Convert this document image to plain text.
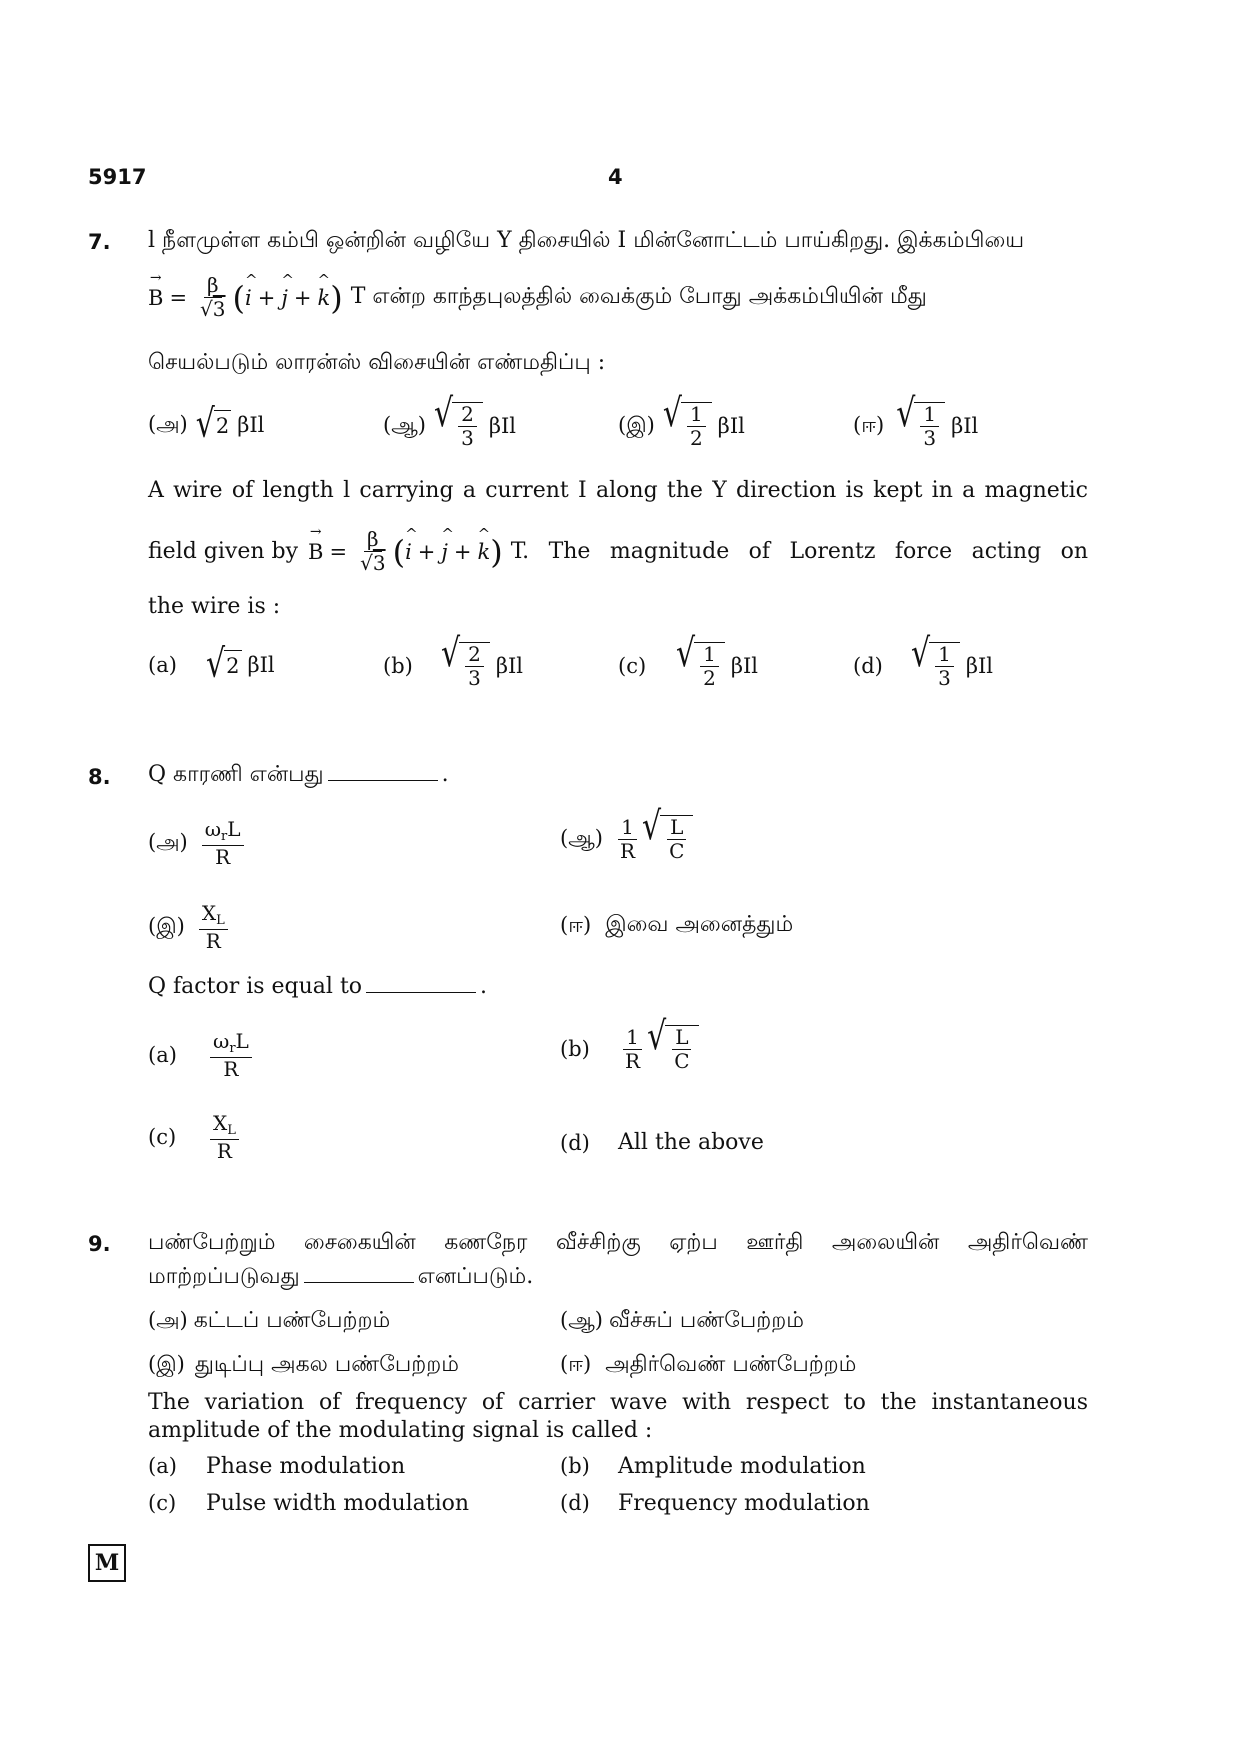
5917	4
7. l நீளமுள்ள கம்பி ஒன்றின் வழியே Y திசையில் I மின்னோட்டம் பாய்கிறது. இக்கம்பியை
→ $B = \frac{\beta}{√3}$ ( ^ i + ^ j + ^ k ) T என்ற காந்தபுலத்தில் வைக்கும் போது அக்கம்பியின் மீது
செயல்படும் லாரன்ஸ் விசையின் எண்மதிப்பு :
(அ) √ 2 βIl	(ஆ) √ $\frac{2}{3}$ βIl	(இ) √ $\frac{1}{2}$ βIl	(ஈ) √ $\frac{1}{3}$ βIl
A wire of length l carrying a current I along the Y direction is kept in a magnetic
field given by → $B = \frac{\beta}{√3}$ ( ^ i + ^ j + ^ k ) T. The magnitude of Lorentz force acting on
the wire is :
(a) √ 2 βIl	(b) √ $\frac{2}{3}$ βIl	(c) √ $\frac{1}{2}$ βIl	(d) √ $\frac{1}{3}$ βIl
8. Q காரணி என்பது	.
(அ) $\frac{\omega_rL}{R}$	(ஆ) $\frac{1}{R}$ √ $\frac{L}{C}$
(இ) $\frac{X_L}{R}$	(ஈ) இவை அனைத்தும்
Q factor is equal to	.
(a)	$\frac{\omega_rL}{R}$	(b)	$\frac{1}{R}$ √ $\frac{L}{C}$
(c)	$\frac{X_L}{R}$	(d)	All the above
9. பண்பேற்றும் சைகையின் கணநேர வீச்சிற்கு ஏற்ப ஊர்தி அலையின் அதிர்வெண்
மாற்றப்படுவது	எனப்படும்.
(அ) கட்டப் பண்பேற்றம்	(ஆ) வீச்சுப் பண்பேற்றம்
(இ) துடிப்பு அகல பண்பேற்றம்	(ஈ) அதிர்வெண் பண்பேற்றம்
The variation of frequency of carrier wave with respect to the instantaneous
amplitude of the modulating signal is called :
(a)	Phase modulation	(b)	Amplitude modulation
(c)	Pulse width modulation	(d)	Frequency modulation
M
